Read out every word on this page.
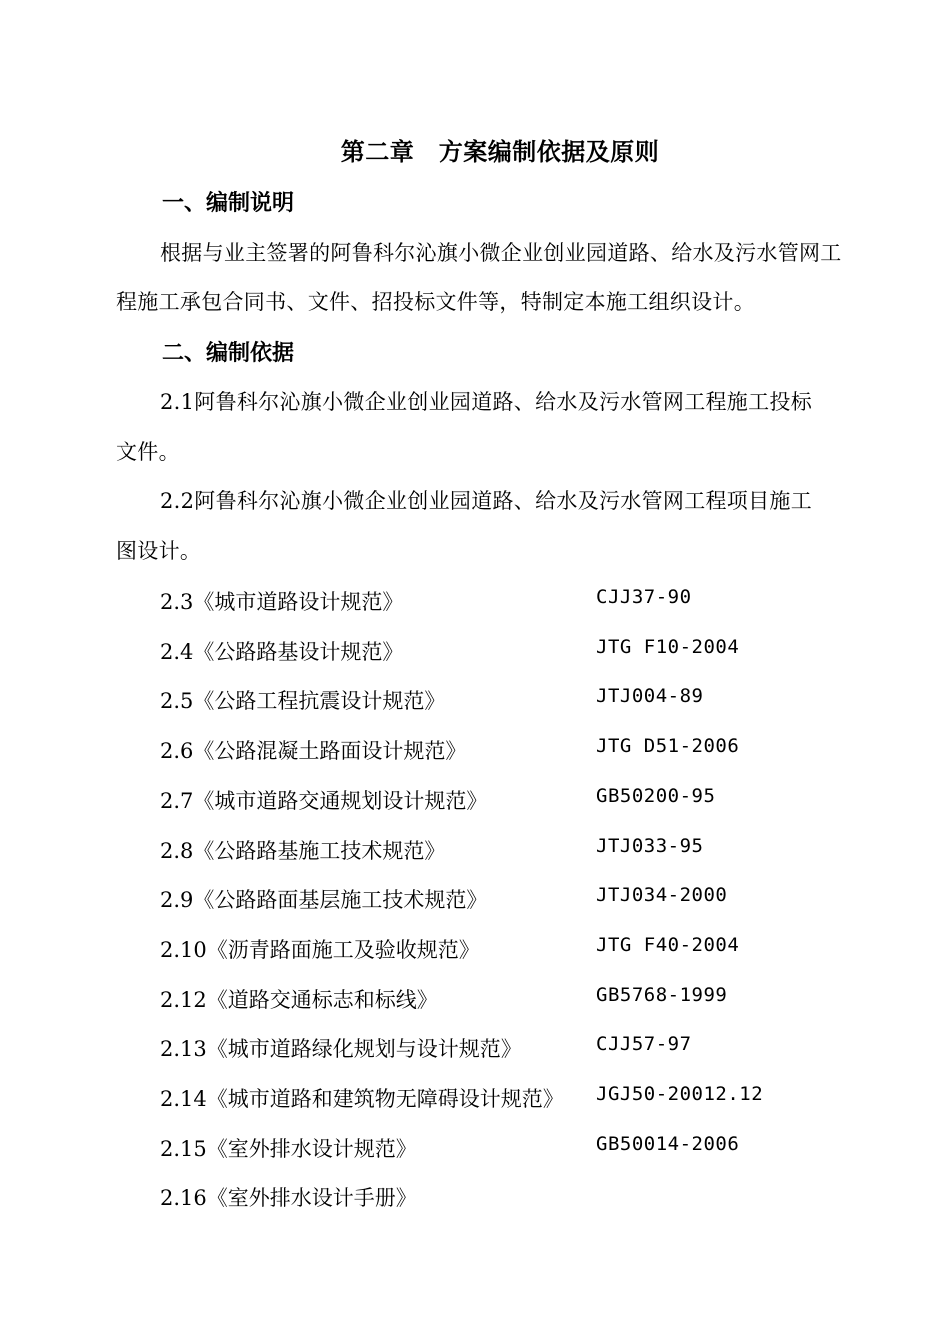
第二章　方案编制依据及原则
一、编制说明
根据与业主签署的阿鲁科尔沁旗小微企业创业园道路、给水及污水管网工
程施工承包合同书、文件、招投标文件等，特制定本施工组织设计。
二、编制依据
2.1阿鲁科尔沁旗小微企业创业园道路、给水及污水管网工程施工投标
文件。
2.2阿鲁科尔沁旗小微企业创业园道路、给水及污水管网工程项目施工
图设计。
2.3《城市道路设计规范》	CJJ37-90
2.4《公路路基设计规范》	JTG F10-2004
2.5《公路工程抗震设计规范》	JTJ004-89
2.6《公路混凝土路面设计规范》	JTG D51-2006
2.7《城市道路交通规划设计规范》	GB50200-95
2.8《公路路基施工技术规范》	JTJ033-95
2.9《公路路面基层施工技术规范》	JTJ034-2000
2.10《沥青路面施工及验收规范》	JTG F40-2004
2.12《道路交通标志和标线》	GB5768-1999
2.13《城市道路绿化规划与设计规范》	CJJ57-97
2.14《城市道路和建筑物无障碍设计规范》 JGJ50-20012.12
2.15《室外排水设计规范》	GB50014-2006
2.16《室外排水设计手册》
